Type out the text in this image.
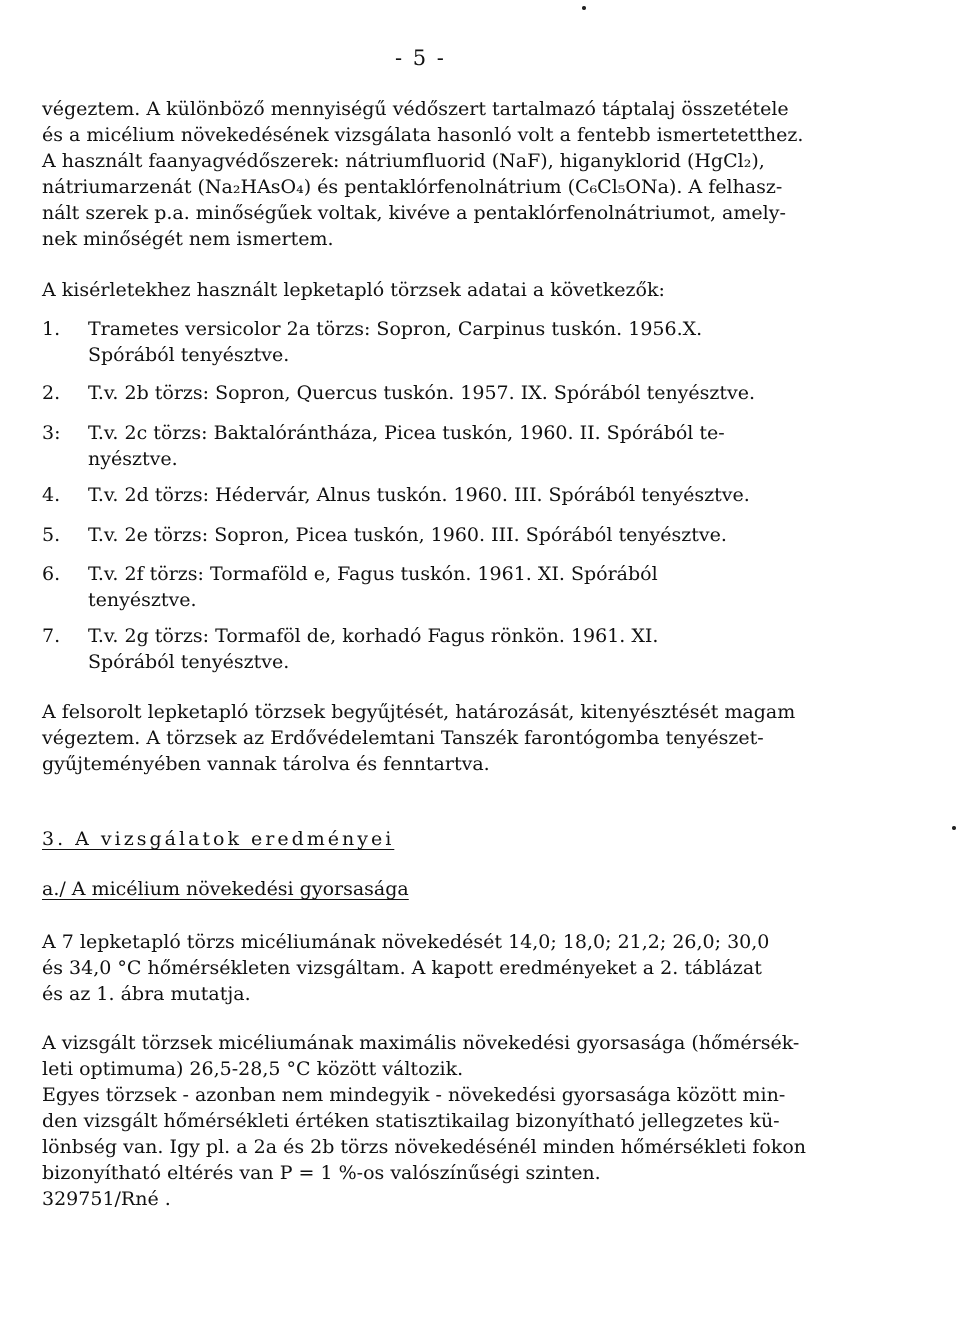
- 5 -
végeztem. A különböző mennyiségű védőszert tartalmazó táptalaj összetétele
és a micélium növekedésének vizsgálata hasonló volt a fentebb ismertetetthez.
A használt faanyagvédőszerek: nátriumfluorid (NaF), higanyklorid (HgCl₂),
nátriumarzenát (Na₂HAsO₄) és pentaklórfenolnátrium (C₆Cl₅ONa). A felhasz-
nált szerek p.a. minőségűek voltak, kivéve a pentaklórfenolnátriumot, amely-
nek minőségét nem ismertem.
A kisérletekhez használt lepketapló törzsek adatai a következők:
1.	Trametes versicolor 2a törzs: Sopron, Carpinus tuskón. 1956.X.
Spórából tenyésztve.
2.	T.v. 2b törzs: Sopron, Quercus tuskón. 1957. IX. Spórából tenyésztve.
3:	T.v. 2c törzs: Baktalórántháza, Picea tuskón, 1960. II. Spórából te-
nyésztve.
4.	T.v. 2d törzs: Hédervár, Alnus tuskón. 1960. III. Spórából tenyésztve.
5.	T.v. 2e törzs: Sopron, Picea tuskón, 1960. III. Spórából tenyésztve.
6.	T.v. 2f törzs: Tormaföld e, Fagus tuskón. 1961. XI. Spórából
tenyésztve.
7.	T.v. 2g törzs: Tormaföl de, korhadó Fagus rönkön. 1961. XI.
Spórából tenyésztve.
A felsorolt lepketapló törzsek begyűjtését, határozását, kitenyésztését magam
végeztem. A törzsek az Erdővédelemtani Tanszék farontógomba tenyészet-
gyűjteményében vannak tárolva és fenntartva.
3. A vizsgálatok eredményei
a./ A micélium növekedési gyorsasága
A 7 lepketapló törzs micéliumának növekedését 14,0; 18,0; 21,2; 26,0; 30,0
és 34,0 °C hőmérsékleten vizsgáltam. A kapott eredményeket a 2. táblázat
és az 1. ábra mutatja.
A vizsgált törzsek micéliumának maximális növekedési gyorsasága (hőmérsék-
leti optimuma) 26,5-28,5 °C között változik.
Egyes törzsek - azonban nem mindegyik - növekedési gyorsasága között min-
den vizsgált hőmérsékleti értéken statisztikailag bizonyítható jellegzetes kü-
lönbség van. Igy pl. a 2a és 2b törzs növekedésénél minden hőmérsékleti fokon
bizonyítható eltérés van P = 1 %-os valószínűségi szinten.
329751/Rné .
